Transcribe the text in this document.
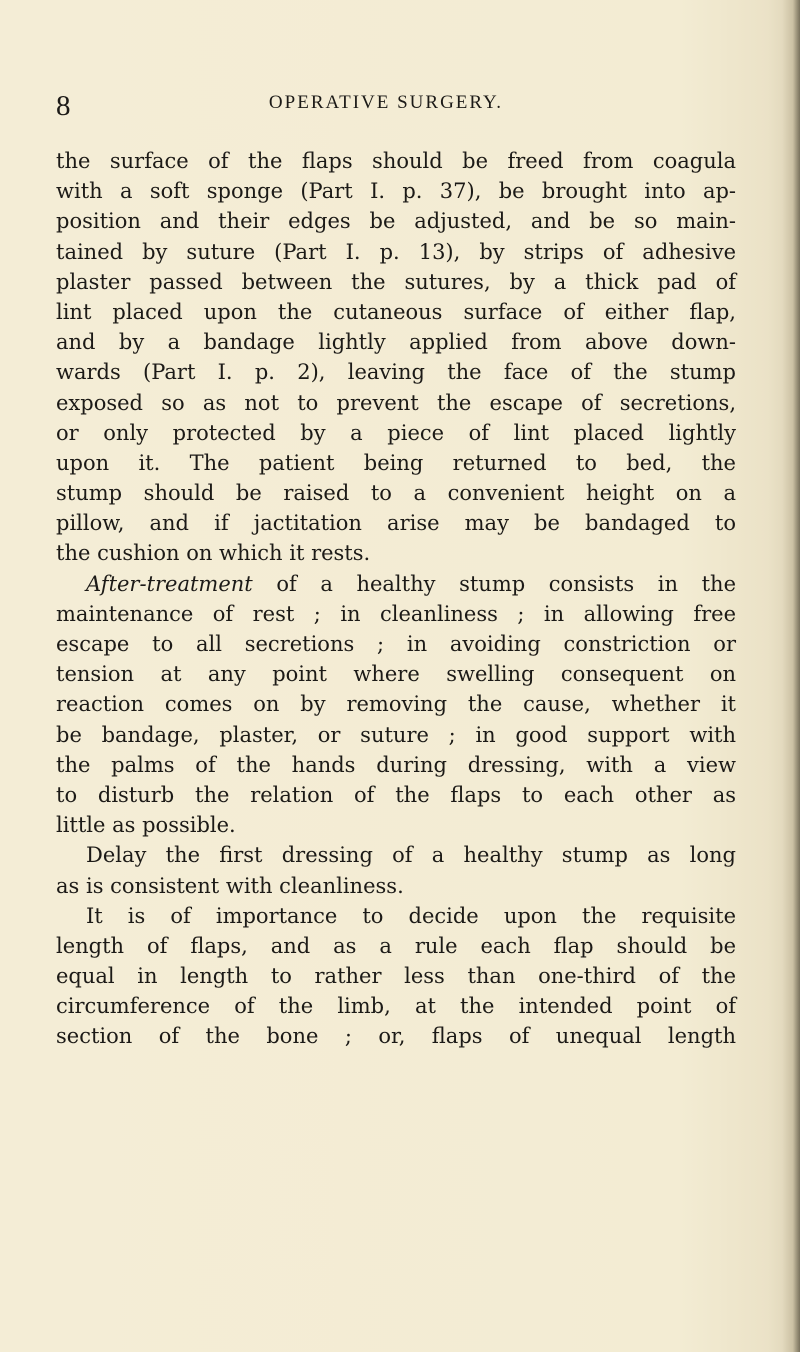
8	OPERATIVE SURGERY.
the surface of the flaps should be freed from coagula
with a soft sponge (Part I. p. 37), be brought into ap-
position and their edges be adjusted, and be so main-
tained by suture (Part I. p. 13), by strips of adhesive
plaster passed between the sutures, by a thick pad of
lint placed upon the cutaneous surface of either flap,
and by a bandage lightly applied from above down-
wards (Part I. p. 2), leaving the face of the stump
exposed so as not to prevent the escape of secretions,
or only protected by a piece of lint placed lightly
upon it. The patient being returned to bed, the
stump should be raised to a convenient height on a
pillow, and if jactitation arise may be bandaged to
the cushion on which it rests.
After-treatment of a healthy stump consists in the
maintenance of rest ; in cleanliness ; in allowing free
escape to all secretions ; in avoiding constriction or
tension at any point where swelling consequent on
reaction comes on by removing the cause, whether it
be bandage, plaster, or suture ; in good support with
the palms of the hands during dressing, with a view
to disturb the relation of the flaps to each other as
little as possible.
Delay the first dressing of a healthy stump as long
as is consistent with cleanliness.
It is of importance to decide upon the requisite
length of flaps, and as a rule each flap should be
equal in length to rather less than one-third of the
circumference of the limb, at the intended point of
section of the bone ; or, flaps of unequal length
